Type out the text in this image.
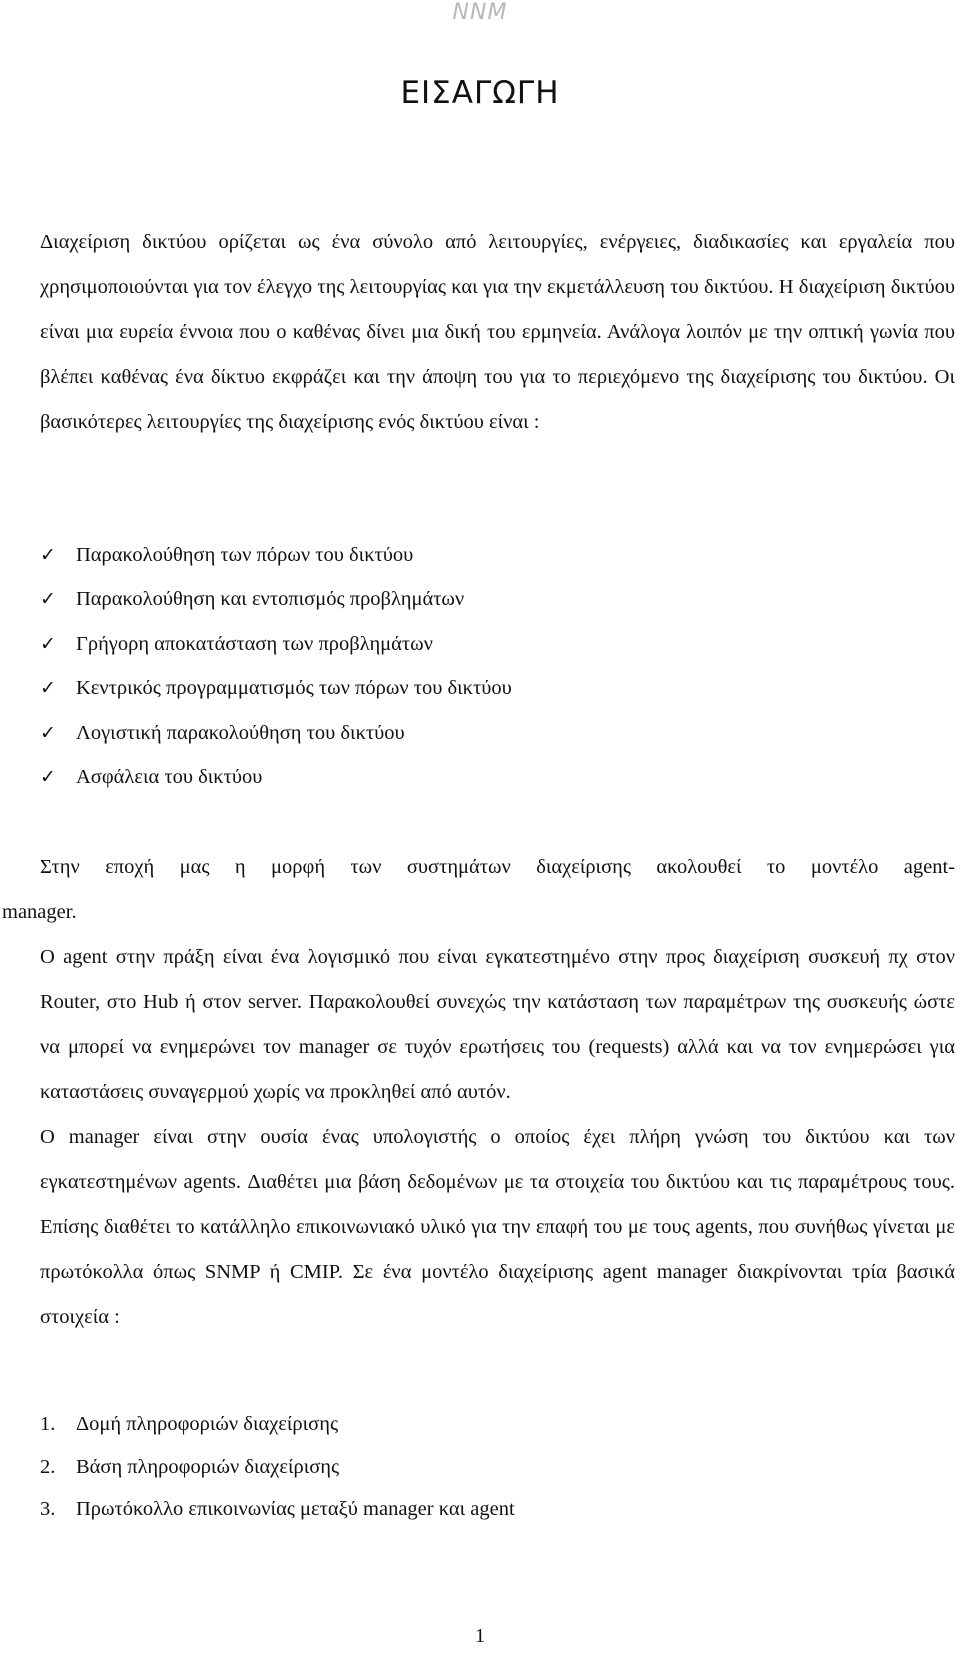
NNM
ΕΙΣΑΓΩΓΗ

Διαχείριση δικτύου ορίζεται ως ένα σύνολο από λειτουργίες, ενέργειες, διαδικασίες και εργαλεία που χρησιμοποιούνται για τον έλεγχο της λειτουργίας και για την εκμετάλλευση του δικτύου. Η διαχείριση δικτύου είναι μια ευρεία έννοια που ο καθένας δίνει μια δική του ερμηνεία. Ανάλογα λοιπόν με την οπτική γωνία που βλέπει καθένας ένα δίκτυο εκφράζει και την άποψη του για το περιεχόμενο της διαχείρισης του δικτύου. Οι βασικότερες λειτουργίες της διαχείρισης ενός δικτύου είναι :

✓ Παρακολούθηση των πόρων του δικτύου
✓ Παρακολούθηση και εντοπισμός προβλημάτων
✓ Γρήγορη αποκατάσταση των προβλημάτων
✓ Κεντρικός προγραμματισμός των πόρων του δικτύου
✓ Λογιστική παρακολούθηση του δικτύου
✓ Ασφάλεια του δικτύου

Στην εποχή μας η μορφή των συστημάτων διαχείρισης ακολουθεί το μοντέλο agent-

manager.

Ο agent στην πράξη είναι ένα λογισμικό που είναι εγκατεστημένο στην προς διαχείριση συσκευή πχ στον Router, στο Hub ή στον server. Παρακολουθεί συνεχώς την κατάσταση των παραμέτρων της συσκευής ώστε να μπορεί να ενημερώνει τον manager σε τυχόν ερωτήσεις του (requests) αλλά και να τον ενημερώσει για καταστάσεις συναγερμού χωρίς να προκληθεί από αυτόν.

Ο manager είναι στην ουσία ένας υπολογιστής ο οποίος έχει πλήρη γνώση του δικτύου και των εγκατεστημένων agents. Διαθέτει μια βάση δεδομένων με τα στοιχεία του δικτύου και τις παραμέτρους τους. Επίσης διαθέτει το κατάλληλο επικοινωνιακό υλικό για την επαφή του με τους agents, που συνήθως γίνεται με πρωτόκολλα όπως SNMP ή CMIP. Σε ένα μοντέλο διαχείρισης agent manager διακρίνονται τρία βασικά στοιχεία :

1. Δομή πληροφοριών διαχείρισης
2. Βάση πληροφοριών διαχείρισης
3. Πρωτόκολλο επικοινωνίας μεταξύ manager και agent
1
